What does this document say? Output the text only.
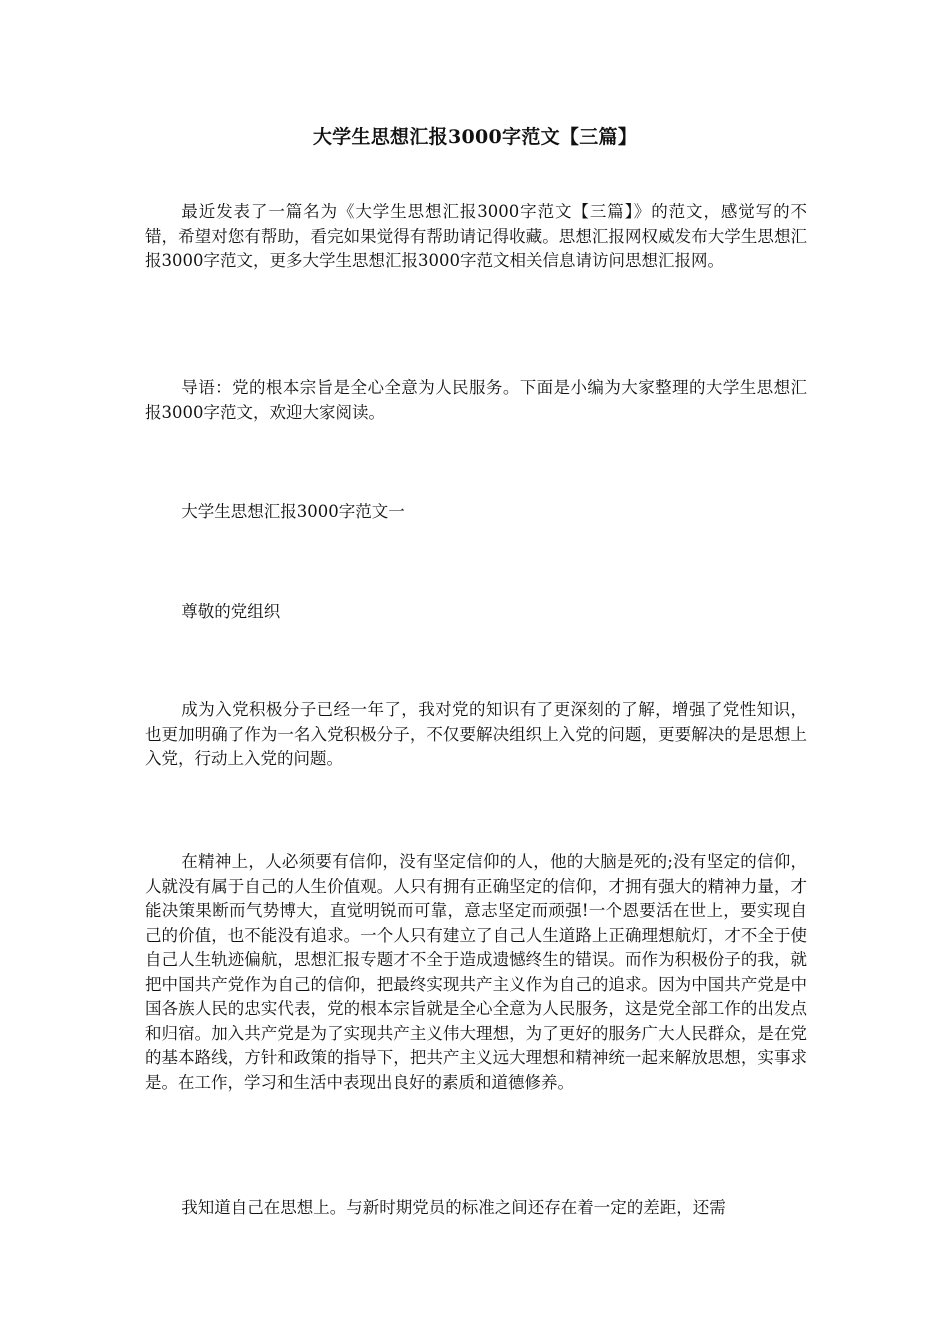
大学生思想汇报3000字范文【三篇】

最近发表了一篇名为《大学生思想汇报3000字范文【三篇】》的范文，感觉写的不错，希望对您有帮助，看完如果觉得有帮助请记得收藏。思想汇报网权威发布大学生思想汇报3000字范文，更多大学生思想汇报3000字范文相关信息请访问思想汇报网。

导语：党的根本宗旨是全心全意为人民服务。下面是小编为大家整理的大学生思想汇报3000字范文，欢迎大家阅读。

大学生思想汇报3000字范文一

尊敬的党组织

成为入党积极分子已经一年了，我对党的知识有了更深刻的了解，增强了党性知识，也更加明确了作为一名入党积极分子，不仅要解决组织上入党的问题，更要解决的是思想上入党，行动上入党的问题。

在精神上，人必须要有信仰，没有坚定信仰的人，他的大脑是死的;没有坚定的信仰，人就没有属于自己的人生价值观。人只有拥有正确坚定的信仰，才拥有强大的精神力量，才能决策果断而气势博大，直觉明锐而可靠，意志坚定而顽强!一个恩要活在世上，要实现自己的价值，也不能没有追求。一个人只有建立了自己人生道路上正确理想航灯，才不全于使自己人生轨迹偏航，思想汇报专题才不全于造成遗憾终生的错误。而作为积极份子的我，就把中国共产党作为自己的信仰，把最终实现共产主义作为自己的追求。因为中国共产党是中国各族人民的忠实代表，党的根本宗旨就是全心全意为人民服务，这是党全部工作的出发点和归宿。加入共产党是为了实现共产主义伟大理想，为了更好的服务广大人民群众，是在党的基本路线，方针和政策的指导下，把共产主义远大理想和精神统一起来解放思想，实事求是。在工作，学习和生活中表现出良好的素质和道德修养。

我知道自己在思想上。与新时期党员的标准之间还存在着一定的差距，还需
